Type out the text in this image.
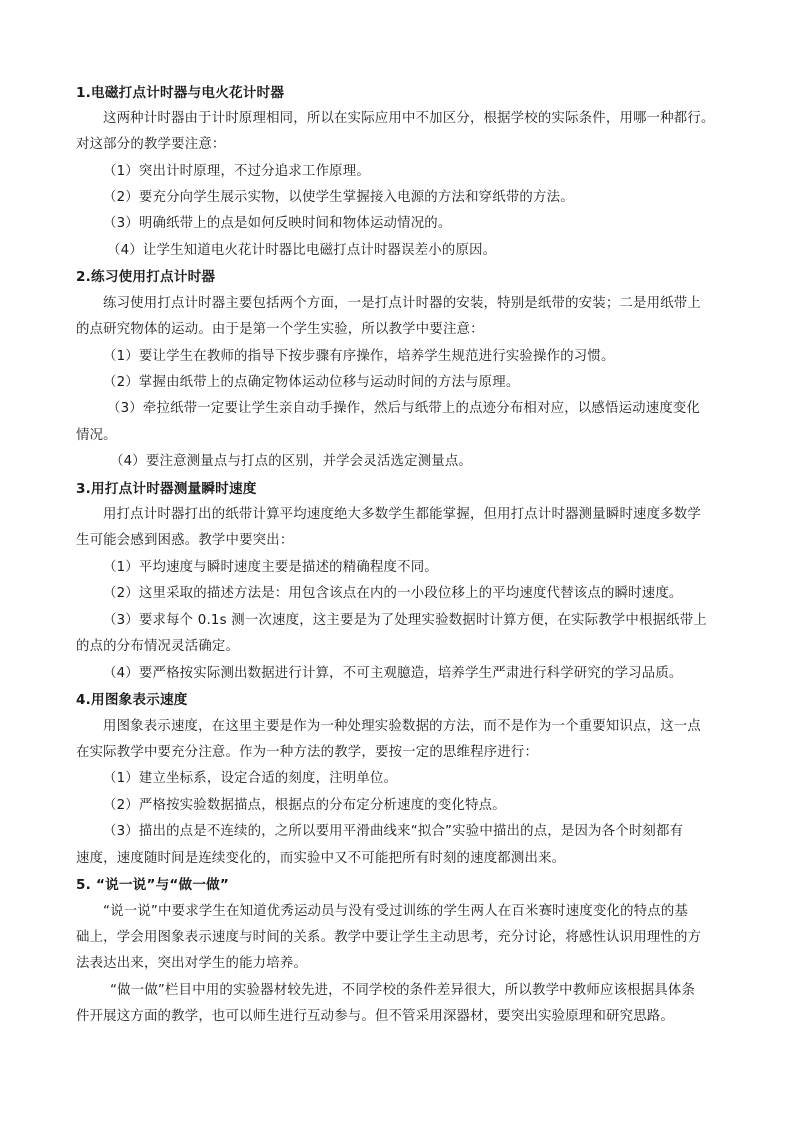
1.电磁打点计时器与电火花计时器
这两种计时器由于计时原理相同，所以在实际应用中不加区分，根据学校的实际条件，用哪一种都行。
对这部分的教学要注意：
（1）突出计时原理，不过分追求工作原理。
（2）要充分向学生展示实物，以使学生掌握接入电源的方法和穿纸带的方法。
（3）明确纸带上的点是如何反映时间和物体运动情况的。
（4）让学生知道电火花计时器比电磁打点计时器误差小的原因。
2.练习使用打点计时器
练习使用打点计时器主要包括两个方面，一是打点计时器的安装，特别是纸带的安装；二是用纸带上
的点研究物体的运动。由于是第一个学生实验，所以教学中要注意：
（1）要让学生在教师的指导下按步骤有序操作，培养学生规范进行实验操作的习惯。
（2）掌握由纸带上的点确定物体运动位移与运动时间的方法与原理。
（3）牵拉纸带一定要让学生亲自动手操作，然后与纸带上的点迹分布相对应，以感悟运动速度变化
情况。
（4）要注意测量点与打点的区别，并学会灵活选定测量点。
3.用打点计时器测量瞬时速度
用打点计时器打出的纸带计算平均速度绝大多数学生都能掌握，但用打点计时器测量瞬时速度多数学
生可能会感到困惑。教学中要突出：
（1）平均速度与瞬时速度主要是描述的精确程度不同。
（2）这里采取的描述方法是：用包含该点在内的一小段位移上的平均速度代替该点的瞬时速度。
（3）要求每个 0.1s 测一次速度，这主要是为了处理实验数据时计算方便，在实际教学中根据纸带上
的点的分布情况灵活确定。
（4）要严格按实际测出数据进行计算，不可主观臆造，培养学生严肃进行科学研究的学习品质。
4.用图象表示速度
用图象表示速度，在这里主要是作为一种处理实验数据的方法，而不是作为一个重要知识点，这一点
在实际教学中要充分注意。作为一种方法的教学，要按一定的思维程序进行：
（1）建立坐标系，设定合适的刻度，注明单位。
（2）严格按实验数据描点，根据点的分布定分析速度的变化特点。
（3）描出的点是不连续的，之所以要用平滑曲线来“拟合”实验中描出的点，是因为各个时刻都有
速度，速度随时间是连续变化的，而实验中又不可能把所有时刻的速度都测出来。
5. “说一说”与“做一做”
“说一说”中要求学生在知道优秀运动员与没有受过训练的学生两人在百米赛时速度变化的特点的基
础上，学会用图象表示速度与时间的关系。教学中要让学生主动思考，充分讨论，将感性认识用理性的方
法表达出来，突出对学生的能力培养。
“做一做”栏目中用的实验器材较先进，不同学校的条件差异很大，所以教学中教师应该根据具体条
件开展这方面的教学，也可以师生进行互动参与。但不管采用深器材，要突出实验原理和研究思路。
